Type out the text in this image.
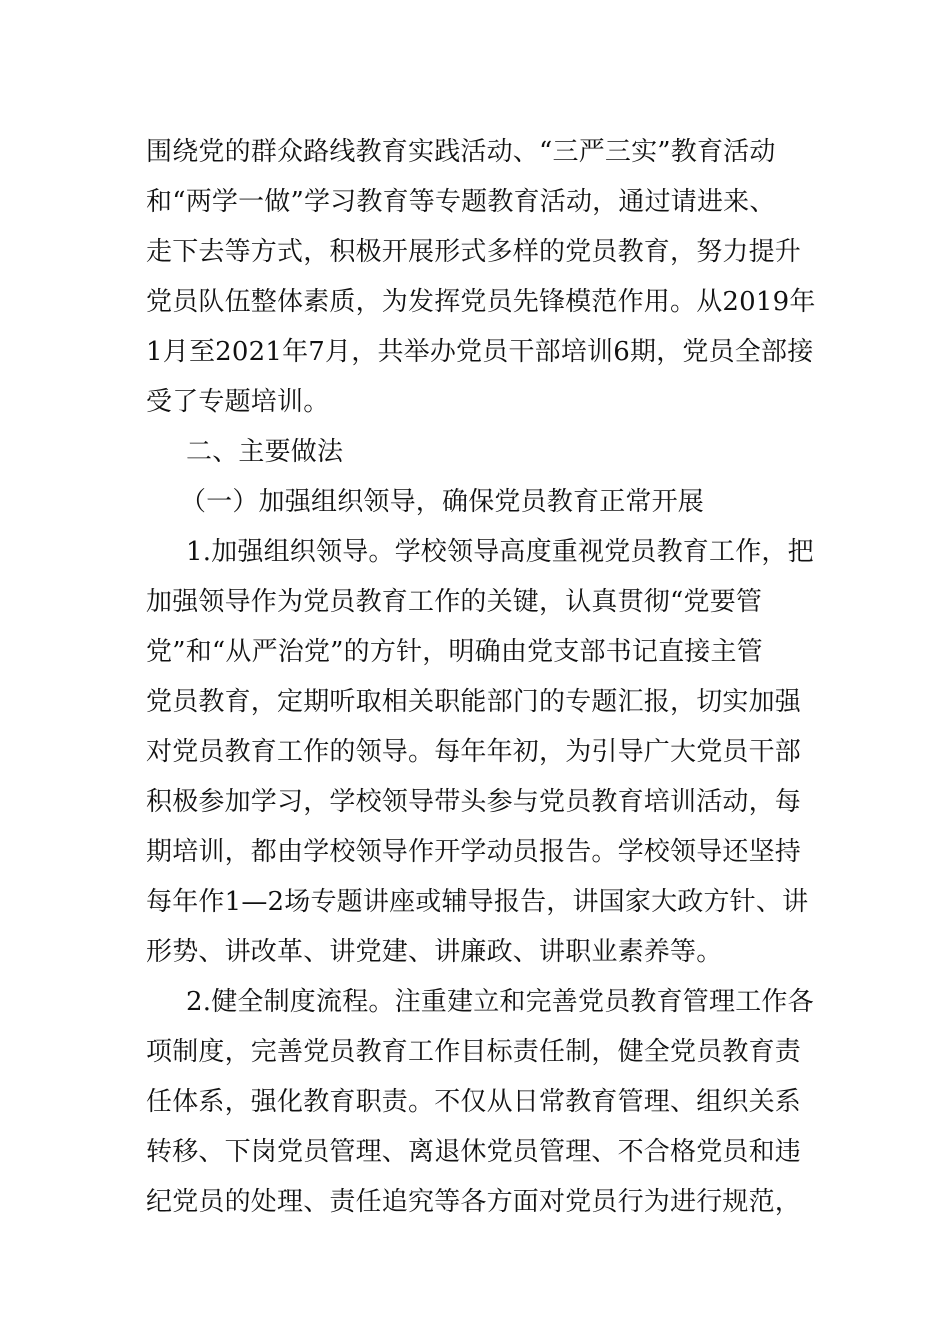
围绕党的群众路线教育实践活动、“三严三实”教育活动
和“两学一做”学习教育等专题教育活动，通过请进来、
走下去等方式，积极开展形式多样的党员教育，努力提升
党员队伍整体素质，为发挥党员先锋模范作用。从2019年
1月至2021年7月，共举办党员干部培训6期，党员全部接
受了专题培训。
二、主要做法
（一）加强组织领导，确保党员教育正常开展
1.加强组织领导。学校领导高度重视党员教育工作，把
加强领导作为党员教育工作的关键，认真贯彻“党要管
党”和“从严治党”的方针，明确由党支部书记直接主管
党员教育，定期听取相关职能部门的专题汇报，切实加强
对党员教育工作的领导。每年年初，为引导广大党员干部
积极参加学习，学校领导带头参与党员教育培训活动，每
期培训，都由学校领导作开学动员报告。学校领导还坚持
每年作1—2场专题讲座或辅导报告，讲国家大政方针、讲
形势、讲改革、讲党建、讲廉政、讲职业素养等。
2.健全制度流程。注重建立和完善党员教育管理工作各
项制度，完善党员教育工作目标责任制，健全党员教育责
任体系，强化教育职责。不仅从日常教育管理、组织关系
转移、下岗党员管理、离退休党员管理、不合格党员和违
纪党员的处理、责任追究等各方面对党员行为进行规范，
